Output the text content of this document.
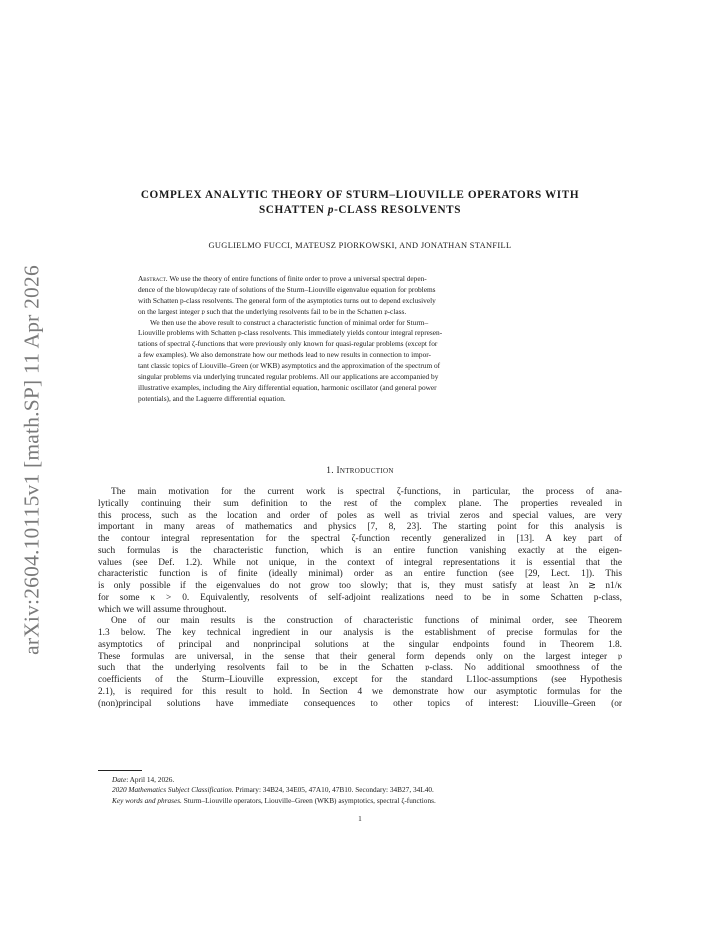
arXiv:2604.10115v1 [math.SP] 11 Apr 2026
COMPLEX ANALYTIC THEORY OF STURM–LIOUVILLE OPERATORS WITH
SCHATTEN p-CLASS RESOLVENTS
GUGLIELMO FUCCI, MATEUSZ PIORKOWSKI, AND JONATHAN STANFILL
Abstract. We use the theory of entire functions of finite order to prove a universal spectral depen-
dence of the blowup/decay rate of solutions of the Sturm–Liouville eigenvalue equation for problems
with Schatten p-class resolvents. The general form of the asymptotics turns out to depend exclusively
on the largest integer 𝔭 such that the underlying resolvents fail to be in the Schatten 𝔭-class.
We then use the above result to construct a characteristic function of minimal order for Sturm–
Liouville problems with Schatten p-class resolvents. This immediately yields contour integral represen-
tations of spectral ζ-functions that were previously only known for quasi-regular problems (except for
a few examples). We also demonstrate how our methods lead to new results in connection to impor-
tant classic topics of Liouville–Green (or WKB) asymptotics and the approximation of the spectrum of
singular problems via underlying truncated regular problems. All our applications are accompanied by
illustrative examples, including the Airy differential equation, harmonic oscillator (and general power
potentials), and the Laguerre differential equation.
1. Introduction
The main motivation for the current work is spectral ζ-functions, in particular, the process of ana-
lytically continuing their sum definition to the rest of the complex plane. The properties revealed in
this process, such as the location and order of poles as well as trivial zeros and special values, are very
important in many areas of mathematics and physics [7, 8, 23]. The starting point for this analysis is
the contour integral representation for the spectral ζ-function recently generalized in [13]. A key part of
such formulas is the characteristic function, which is an entire function vanishing exactly at the eigen-
values (see Def. 1.2). While not unique, in the context of integral representations it is essential that the
characteristic function is of finite (ideally minimal) order as an entire function (see [29, Lect. 1]). This
is only possible if the eigenvalues do not grow too slowly; that is, they must satisfy at least λn ≳ n1/κ
for some κ > 0. Equivalently, resolvents of self-adjoint realizations need to be in some Schatten p-class,
which we will assume throughout.
One of our main results is the construction of characteristic functions of minimal order, see Theorem
1.3 below. The key technical ingredient in our analysis is the establishment of precise formulas for the
asymptotics of principal and nonprincipal solutions at the singular endpoints found in Theorem 1.8.
These formulas are universal, in the sense that their general form depends only on the largest integer 𝔭
such that the underlying resolvents fail to be in the Schatten 𝔭-class. No additional smoothness of the
coefficients of the Sturm–Liouville expression, except for the standard L1loc-assumptions (see Hypothesis
2.1), is required for this result to hold. In Section 4 we demonstrate how our asymptotic formulas for the
(non)principal solutions have immediate consequences to other topics of interest: Liouville–Green (or
Date: April 14, 2026.
2020 Mathematics Subject Classification. Primary: 34B24, 34E05, 47A10, 47B10. Secondary: 34B27, 34L40.
Key words and phrases. Sturm–Liouville operators, Liouville–Green (WKB) asymptotics, spectral ζ-functions.
1
